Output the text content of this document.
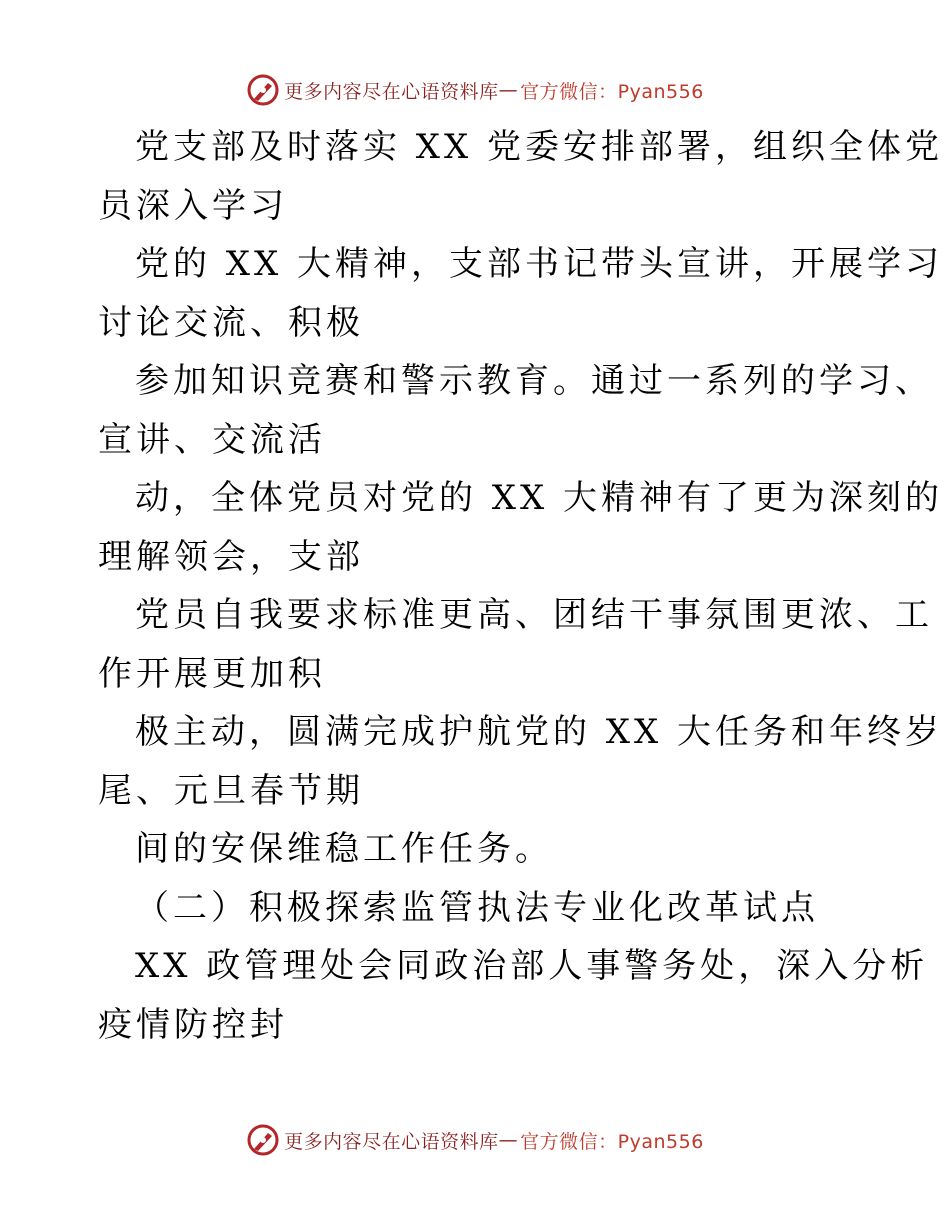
更多内容尽在心语资料库 — 官方微信：Pyan556
党支部及时落实 XX 党委安排部署，组织全体党
员深入学习
党的 XX 大精神，支部书记带头宣讲，开展学习
讨论交流、积极
参加知识竞赛和警示教育。通过一系列的学习、
宣讲、交流活
动，全体党员对党的 XX 大精神有了更为深刻的
理解领会，支部
党员自我要求标准更高、团结干事氛围更浓、工
作开展更加积
极主动，圆满完成护航党的 XX 大任务和年终岁
尾、元旦春节期
间的安保维稳工作任务。
（二）积极探索监管执法专业化改革试点
XX 政管理处会同政治部人事警务处，深入分析
疫情防控封
更多内容尽在心语资料库 — 官方微信：Pyan556
